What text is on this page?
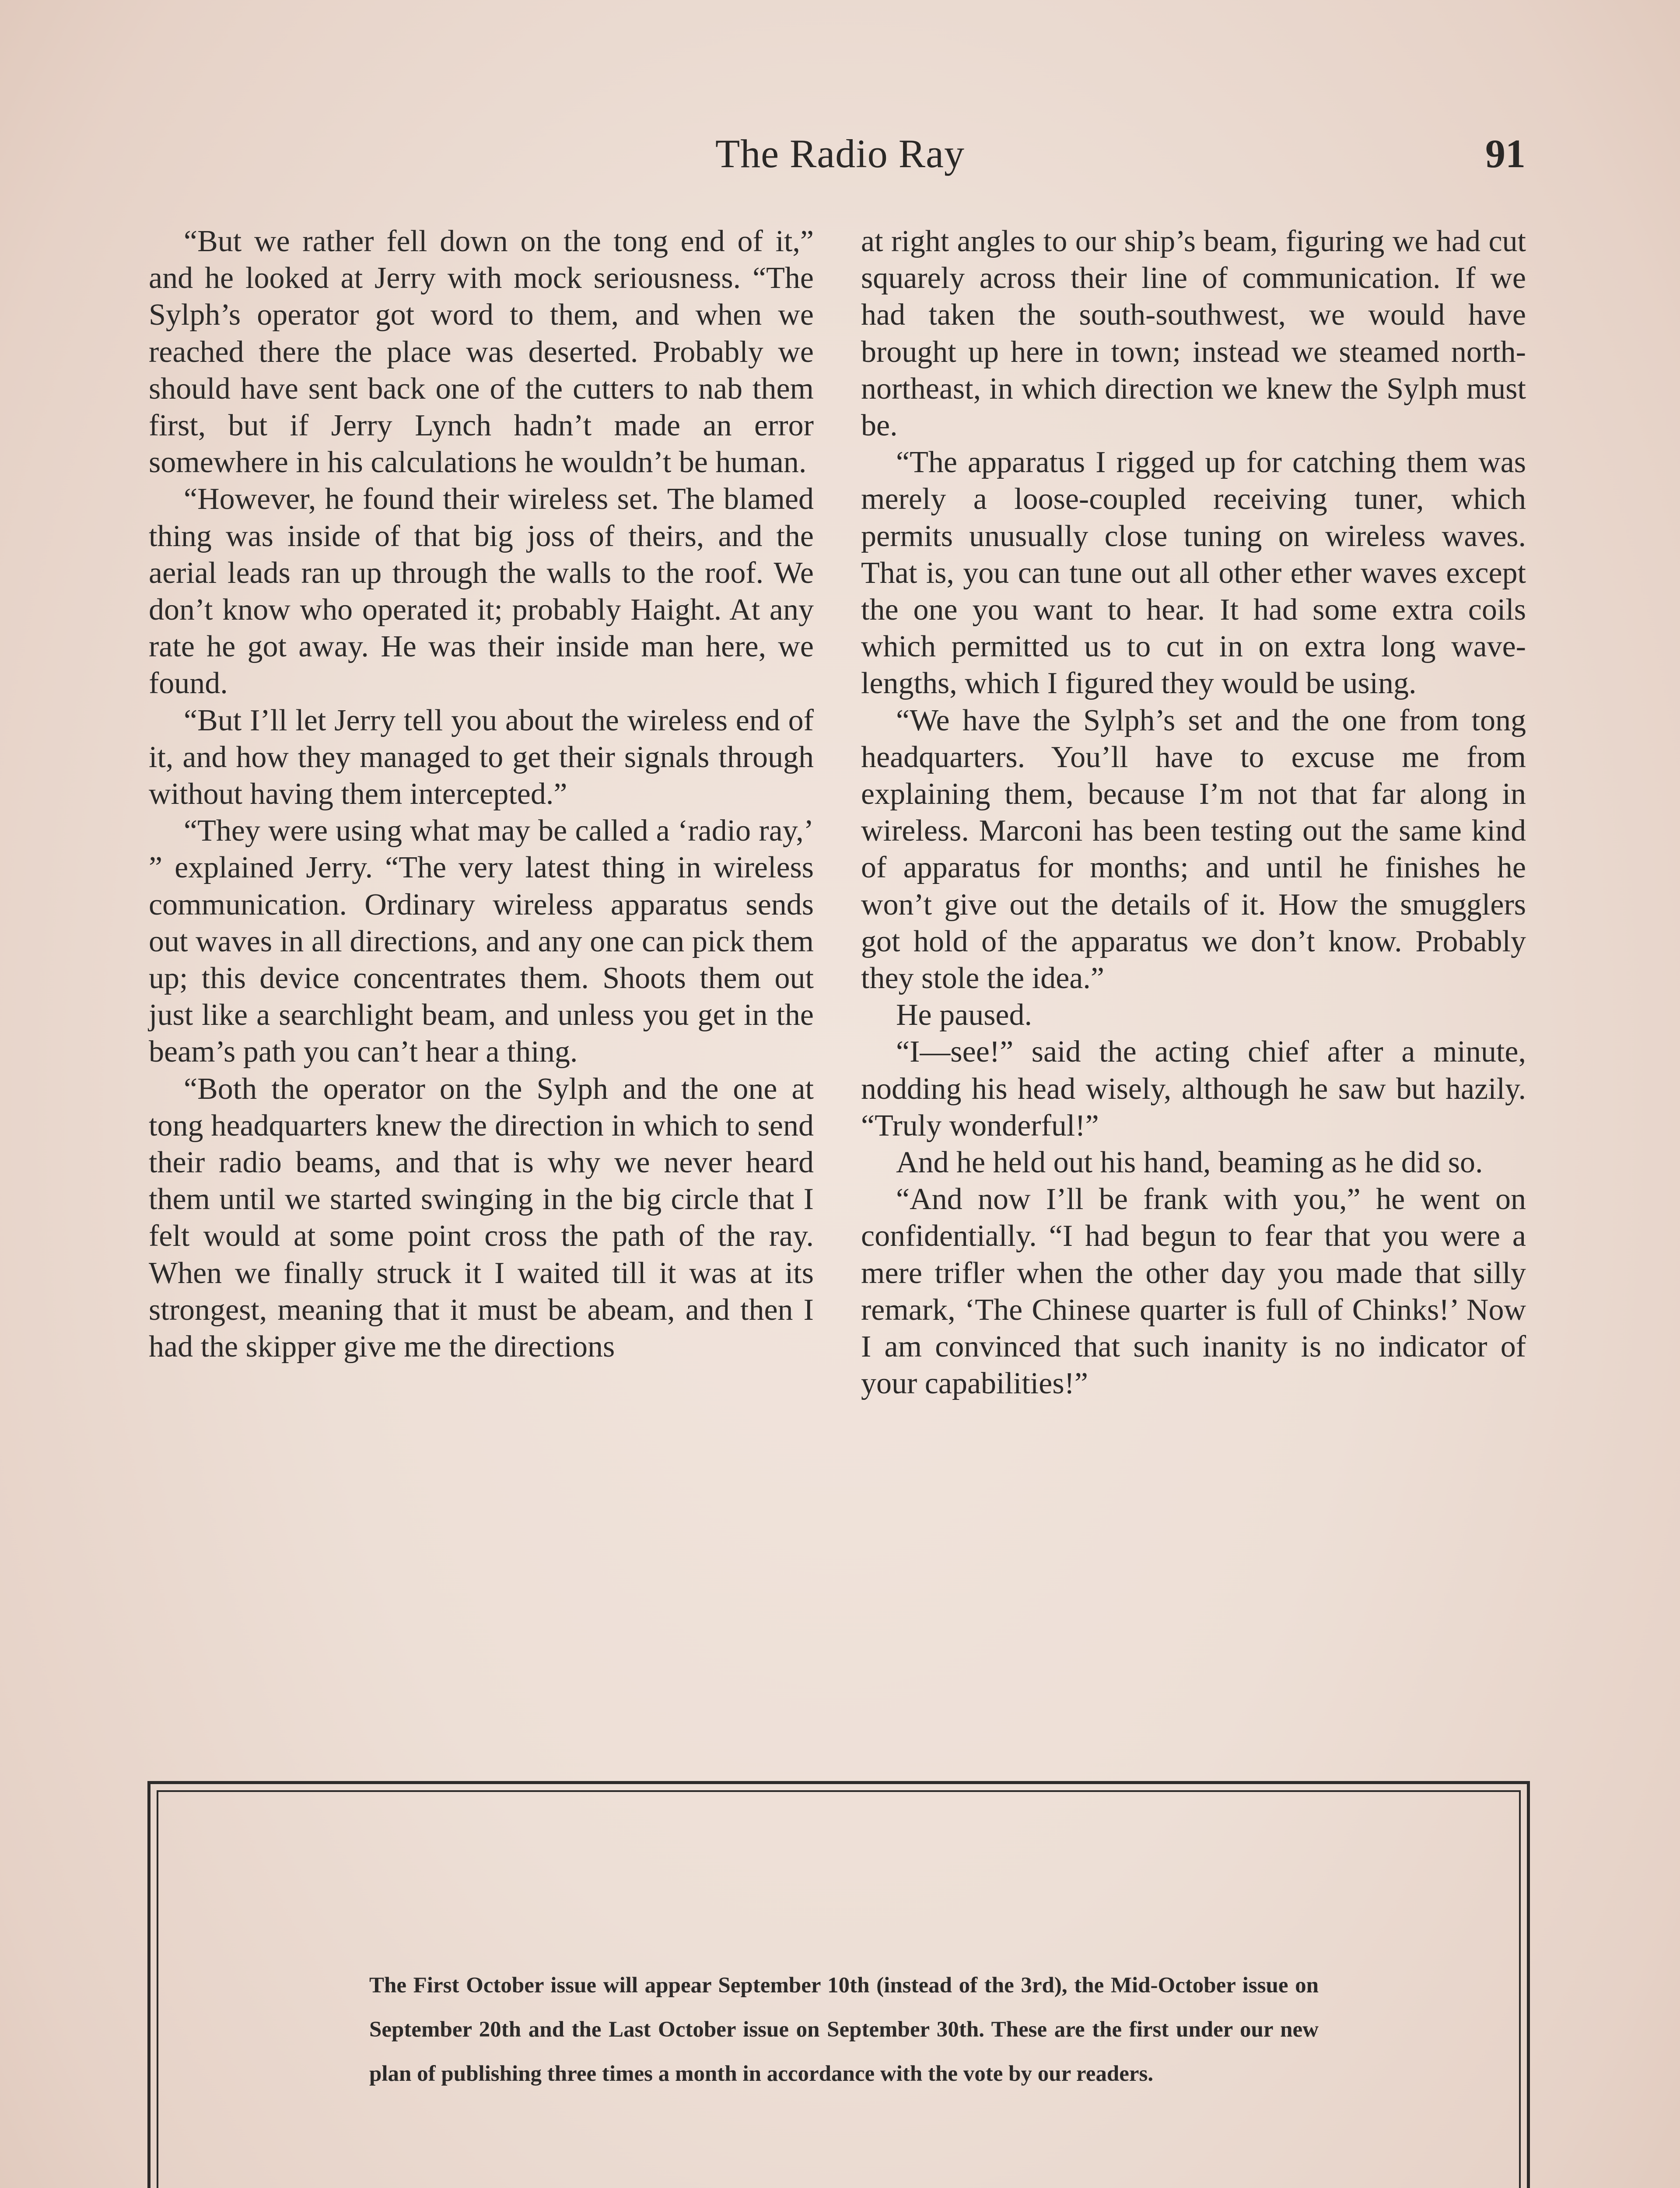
The Radio Ray	91

“But we rather fell down on the tong end of it,” and he looked at Jerry with mock seriousness. “The Sylph’s operator got word to them, and when we reached there the place was deserted. Probably we should have sent back one of the cutters to nab them first, but if Jerry Lynch hadn’t made an error somewhere in his calculations he wouldn’t be human.

“However, he found their wireless set. The blamed thing was inside of that big joss of theirs, and the aerial leads ran up through the walls to the roof. We don’t know who operated it; probably Haight. At any rate he got away. He was their inside man here, we found.

“But I’ll let Jerry tell you about the wireless end of it, and how they managed to get their signals through without having them intercepted.”

“They were using what may be called a ‘radio ray,’ ” explained Jerry. “The very latest thing in wireless communication. Ordinary wireless apparatus sends out waves in all directions, and any one can pick them up; this device concentrates them. Shoots them out just like a searchlight beam, and unless you get in the beam’s path you can’t hear a thing.

“Both the operator on the Sylph and the one at tong headquarters knew the direction in which to send their radio beams, and that is why we never heard them until we started swinging in the big circle that I felt would at some point cross the path of the ray. When we finally struck it I waited till it was at its strongest, meaning that it must be abeam, and then I had the skipper give me the directions

at right angles to our ship’s beam, figuring we had cut squarely across their line of communication. If we had taken the south-southwest, we would have brought up here in town; instead we steamed north-northeast, in which direction we knew the Sylph must be.

“The apparatus I rigged up for catching them was merely a loose-coupled receiving tuner, which permits unusually close tuning on wireless waves. That is, you can tune out all other ether waves except the one you want to hear. It had some extra coils which permitted us to cut in on extra long wave-lengths, which I figured they would be using.

“We have the Sylph’s set and the one from tong headquarters. You’ll have to excuse me from explaining them, because I’m not that far along in wireless. Marconi has been testing out the same kind of apparatus for months; and until he finishes he won’t give out the details of it. How the smugglers got hold of the apparatus we don’t know. Probably they stole the idea.”

He paused.

“I—see!” said the acting chief after a minute, nodding his head wisely, although he saw but hazily. “Truly wonderful!”

And he held out his hand, beaming as he did so.

“And now I’ll be frank with you,” he went on confidentially. “I had begun to fear that you were a mere trifler when the other day you made that silly remark, ‘The Chinese quarter is full of Chinks!’ Now I am convinced that such inanity is no indicator of your capabilities!”

The First October issue will appear September 10th (instead of the 3rd), the Mid-October issue on September 20th and the Last October issue on September 30th. These are the first under our new plan of publishing three times a month in accordance with the vote by our readers.
